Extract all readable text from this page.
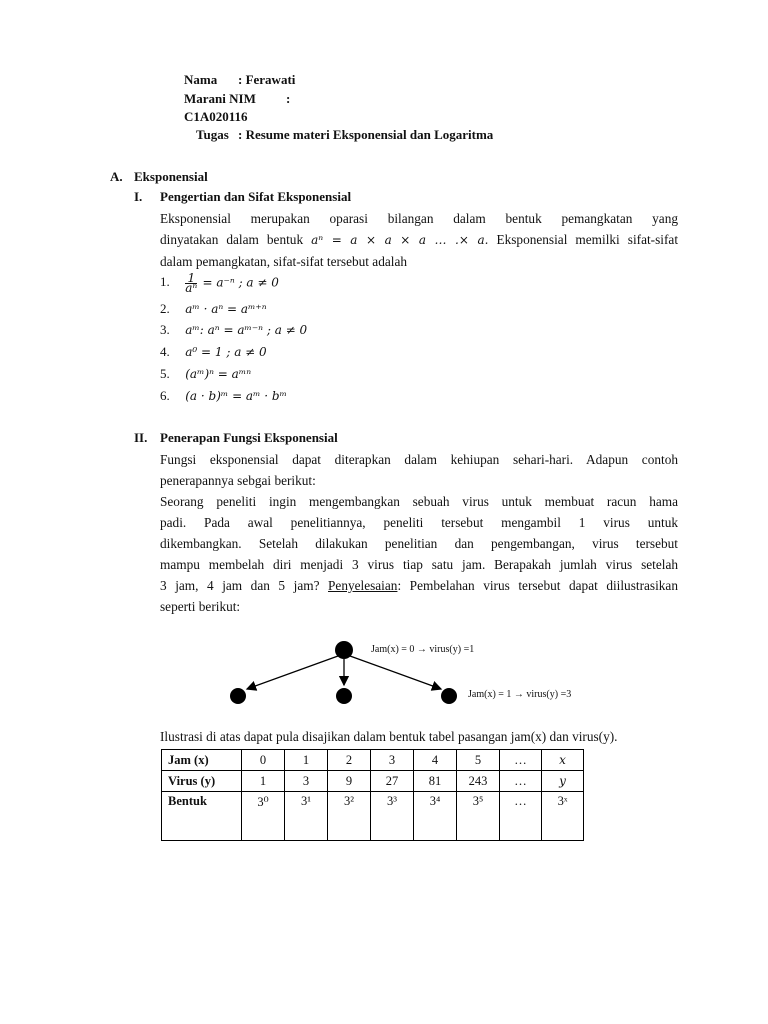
Nama : Ferawati
Marani NIM :
C1A020116
Tugas : Resume materi Eksponensial dan Logaritma
A. Eksponensial
I. Pengertian dan Sifat Eksponensial
Eksponensial merupakan oparasi bilangan dalam bentuk pemangkatan yang
dinyatakan dalam bentuk aⁿ = a × a × a … .× a. Eksponensial memilki sifat-sifat
dalam pemangkatan, sifat-sifat tersebut adalah
1. $\frac{1}{\text{aⁿ}} = a^{-n}$ ; a ≠ 0
2. aᵐ · aⁿ = aᵐ⁺ⁿ
3. aᵐ: aⁿ = aᵐ⁻ⁿ ; a ≠ 0
4. a⁰ = 1 ; a ≠ 0
5. (aᵐ)ⁿ = aᵐⁿ
6. (a · b)ᵐ = aᵐ · bᵐ
II. Penerapan Fungsi Eksponensial
Fungsi eksponensial dapat diterapkan dalam kehiupan sehari-hari. Adapun contoh
penerapannya sebgai berikut:
Seorang peneliti ingin mengembangkan sebuah virus untuk membuat racun hama
padi. Pada awal penelitiannya, peneliti tersebut mengambil 1 virus untuk
dikembangkan. Setelah dilakukan penelitian dan pengembangan, virus tersebut
mampu membelah diri menjadi 3 virus tiap satu jam. Berapakah jumlah virus setelah
3 jam, 4 jam dan 5 jam? Penyelesaian: Pembelahan virus tersebut dapat diilustrasikan
seperti berikut:
Jam(x) = 0 → virus(y) =1
Jam(x) = 1 → virus(y) =3
Ilustrasi di atas dapat pula disajikan dalam bentuk tabel pasangan jam(x) dan virus(y).
Jam (x)	0	1	2	3	4	5	…	x
Virus (y)	1	3	9	27	81	243	…	y
Bentuk	3⁰	3¹	3²	3³	3⁴	3⁵	…	3ˣ
